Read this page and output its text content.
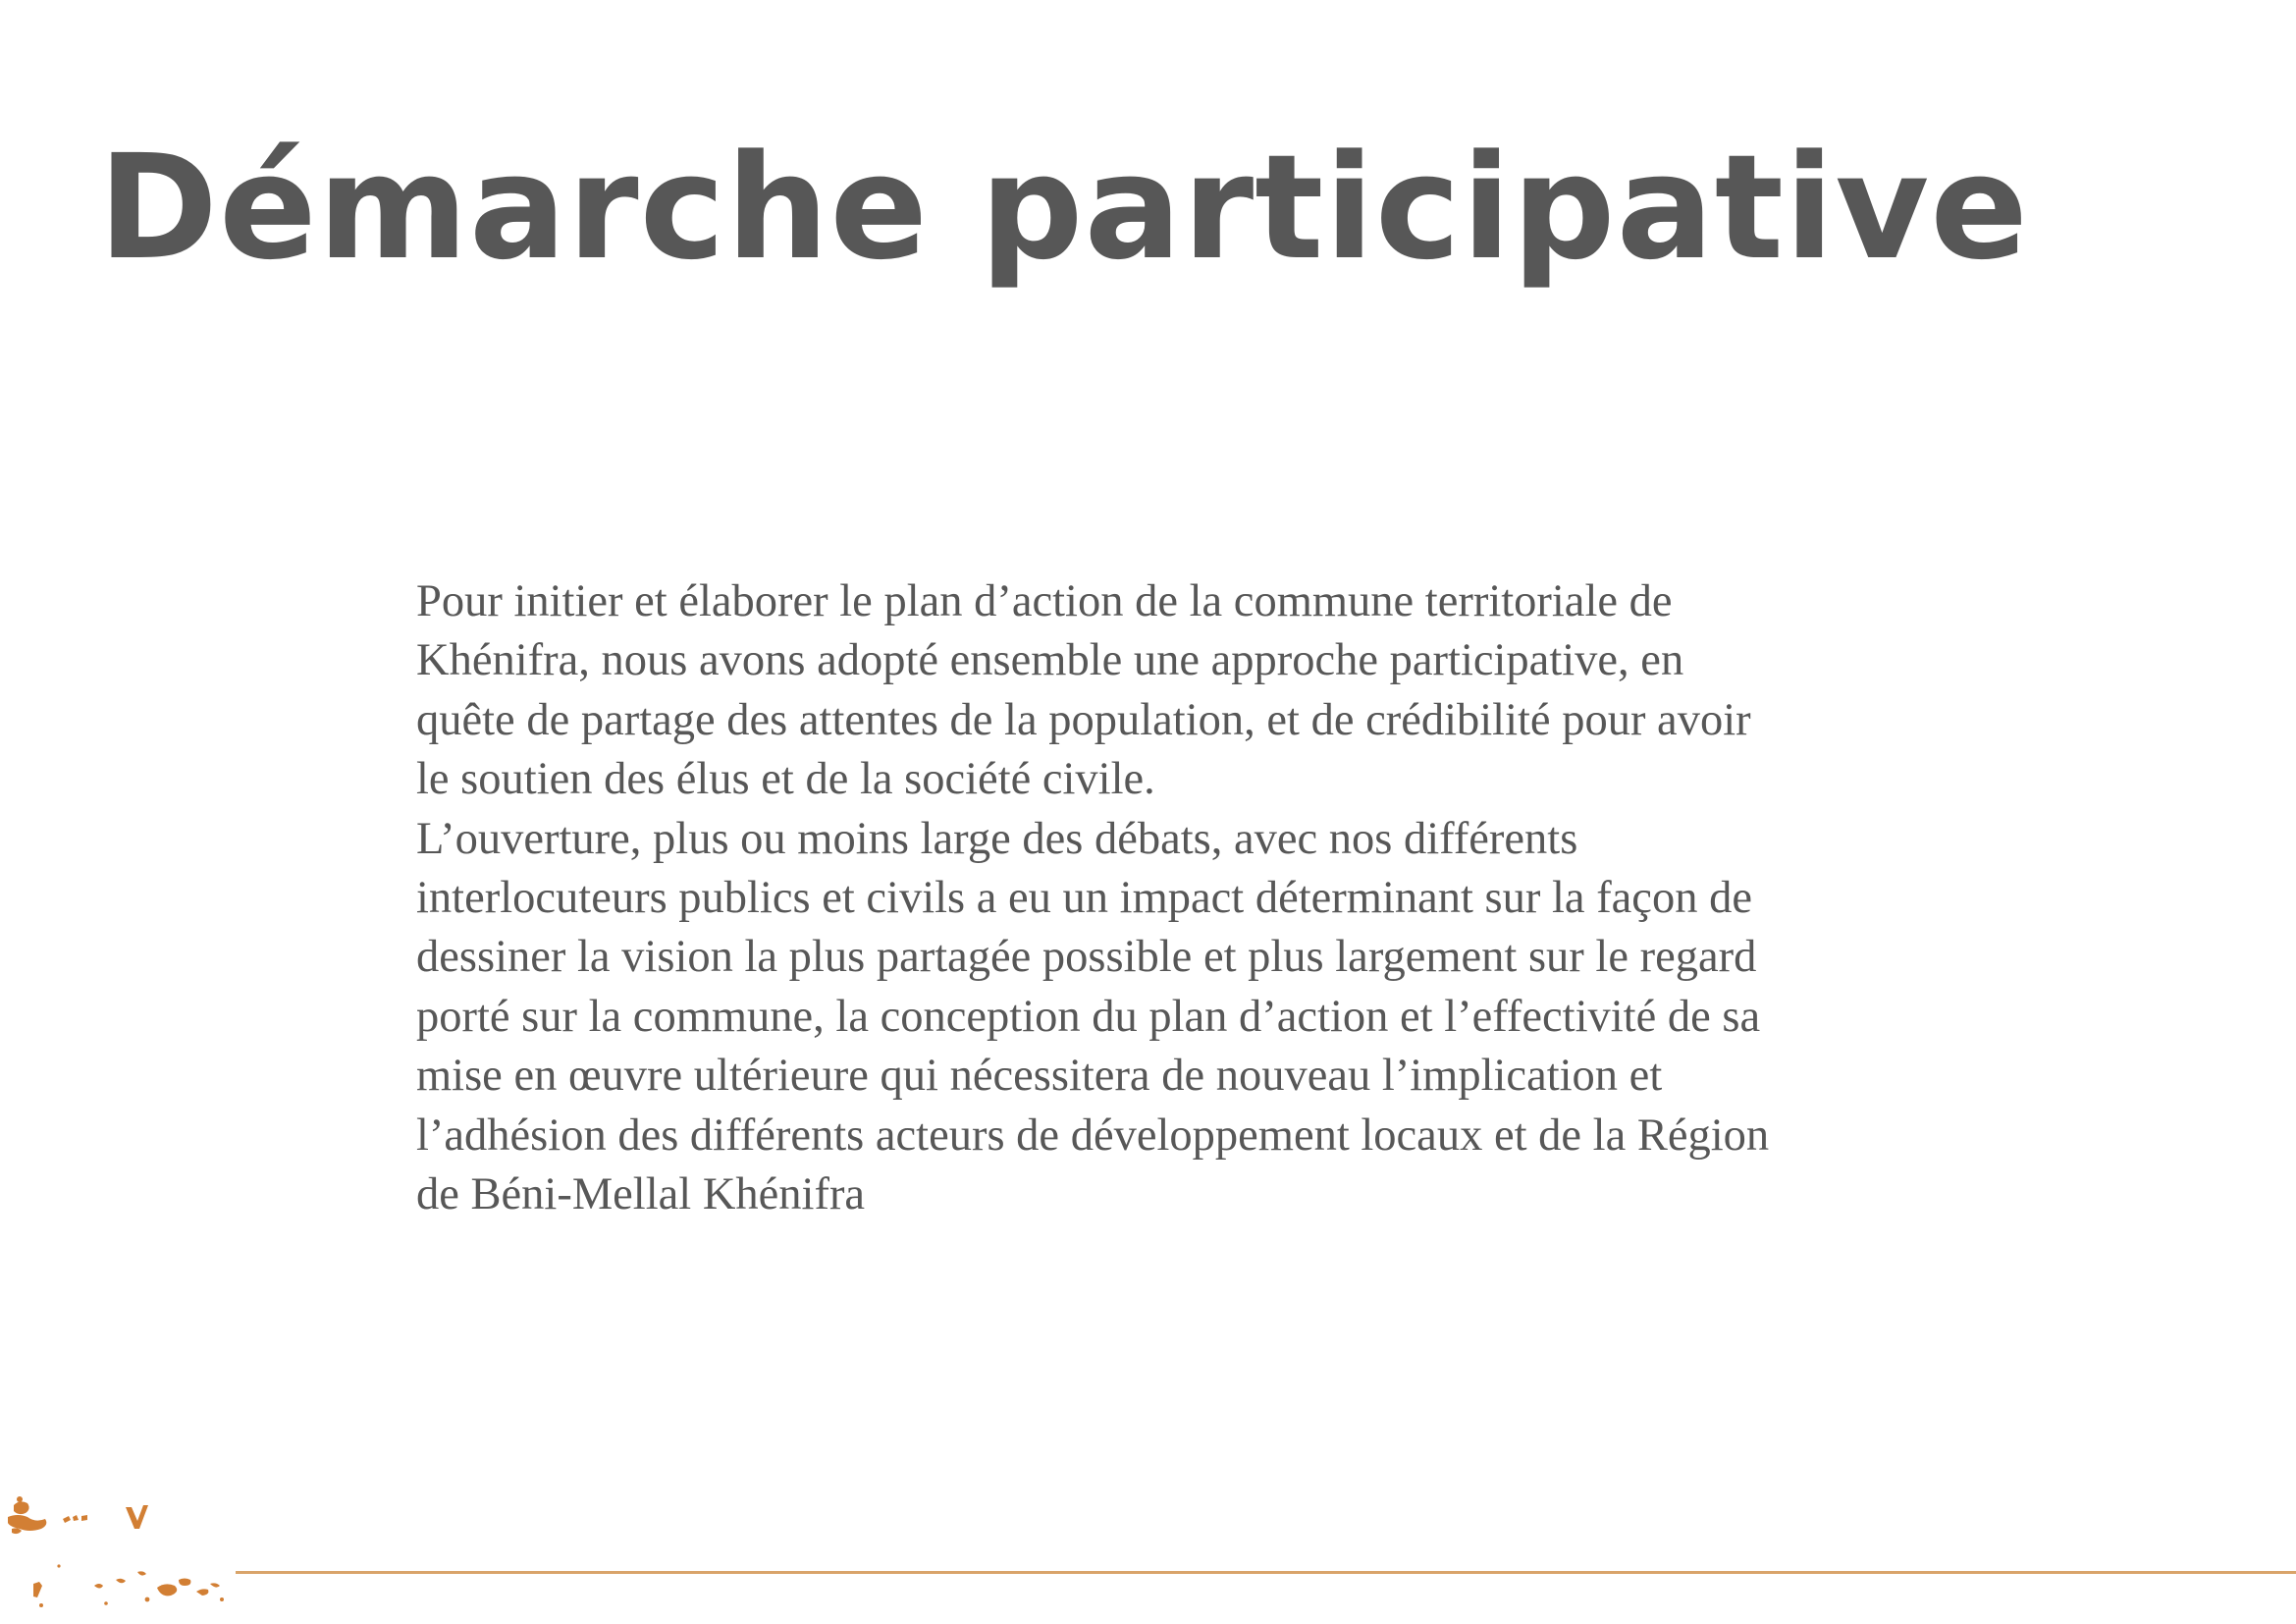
Démarche participative

Pour initier et élaborer le plan d’action de la commune territoriale de
Khénifra, nous avons adopté ensemble une approche participative, en
quête de partage des attentes de la population, et de crédibilité pour avoir
le soutien des élus et de la société civile.

L’ouverture, plus ou moins large des débats, avec nos différents
interlocuteurs publics et civils a eu un impact déterminant sur la façon de
dessiner la vision la plus partagée possible et plus largement sur le regard
porté sur la commune, la conception du plan d’action et l’effectivité de sa
mise en œuvre ultérieure qui nécessitera de nouveau l’implication et
l’adhésion des différents acteurs de développement locaux et de la Région
de Béni-Mellal Khénifra
